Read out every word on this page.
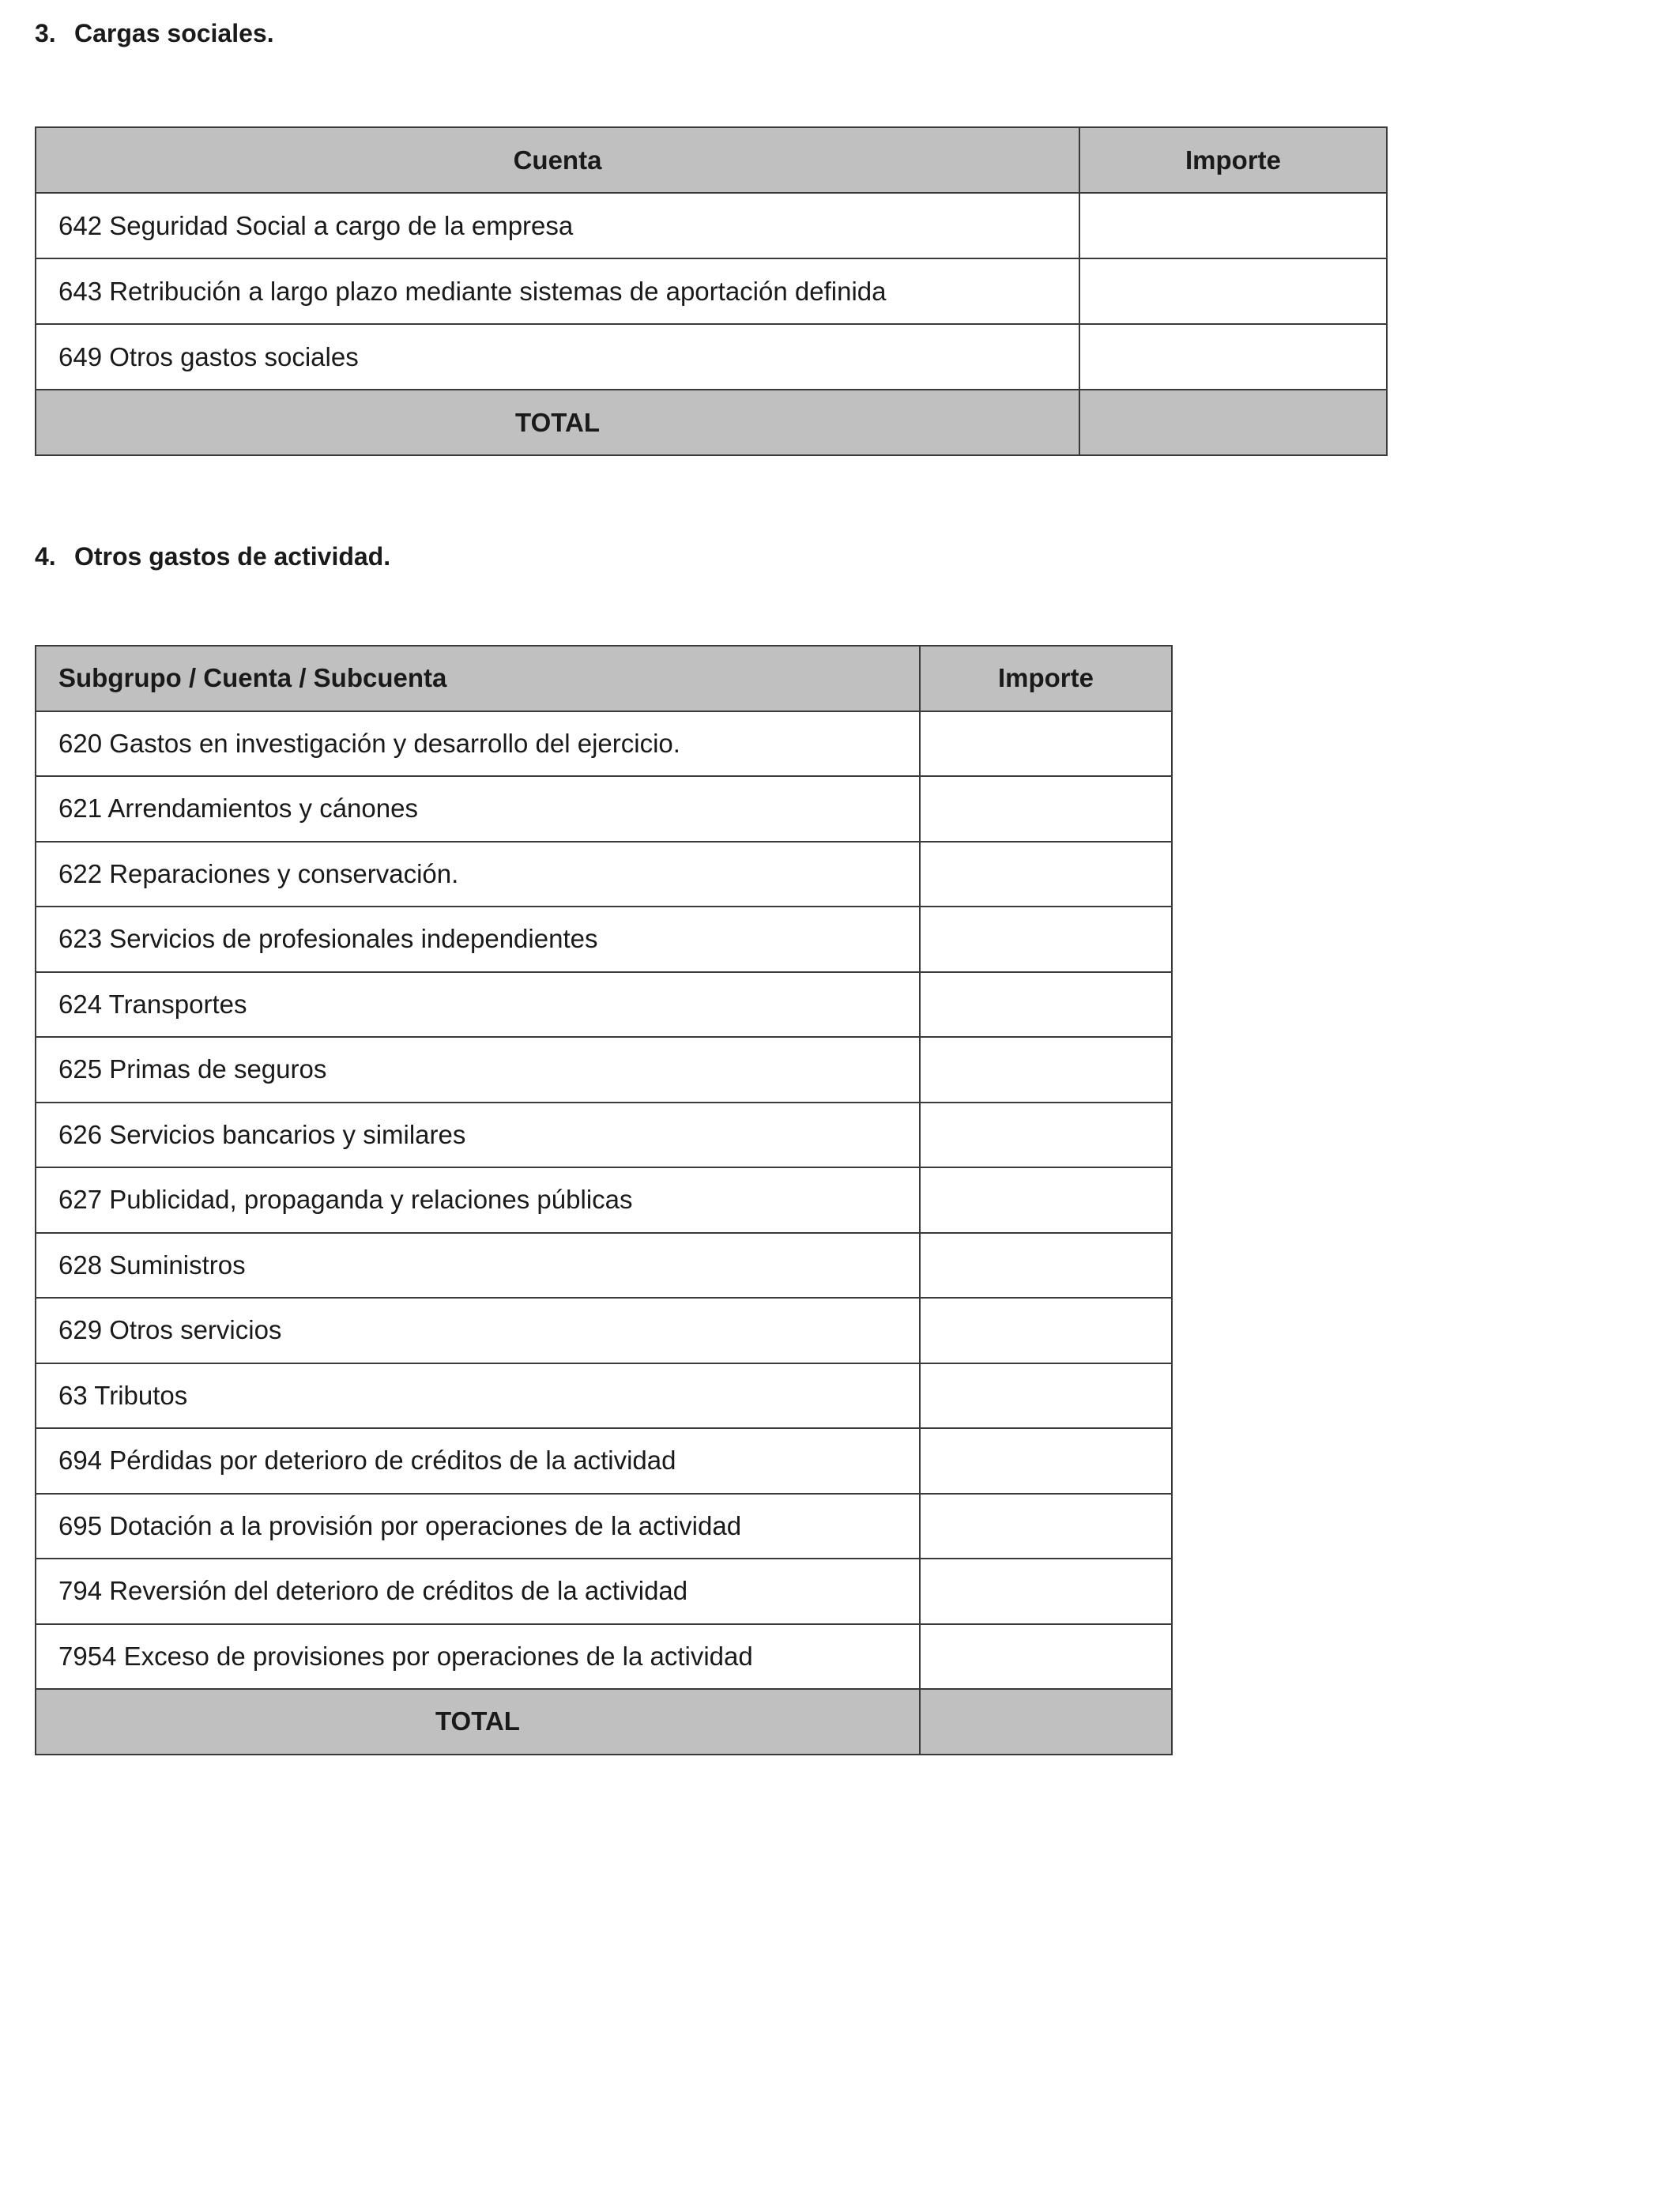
3. Cargas sociales.
Cuenta	Importe
642 Seguridad Social a cargo de la empresa	
643 Retribución a largo plazo mediante sistemas de aportación definida	
649 Otros gastos sociales	
TOTAL	
4. Otros gastos de actividad.
Subgrupo / Cuenta / Subcuenta	Importe
620 Gastos en investigación y desarrollo del ejercicio.	
621 Arrendamientos y cánones	
622 Reparaciones y conservación.	
623 Servicios de profesionales independientes	
624 Transportes	
625 Primas de seguros	
626 Servicios bancarios y similares	
627 Publicidad, propaganda y relaciones públicas	
628 Suministros	
629 Otros servicios	
63 Tributos	
694 Pérdidas por deterioro de créditos de la actividad	
695 Dotación a la provisión por operaciones de la actividad	
794 Reversión del deterioro de créditos de la actividad	
7954 Exceso de provisiones por operaciones de la actividad	
TOTAL	
